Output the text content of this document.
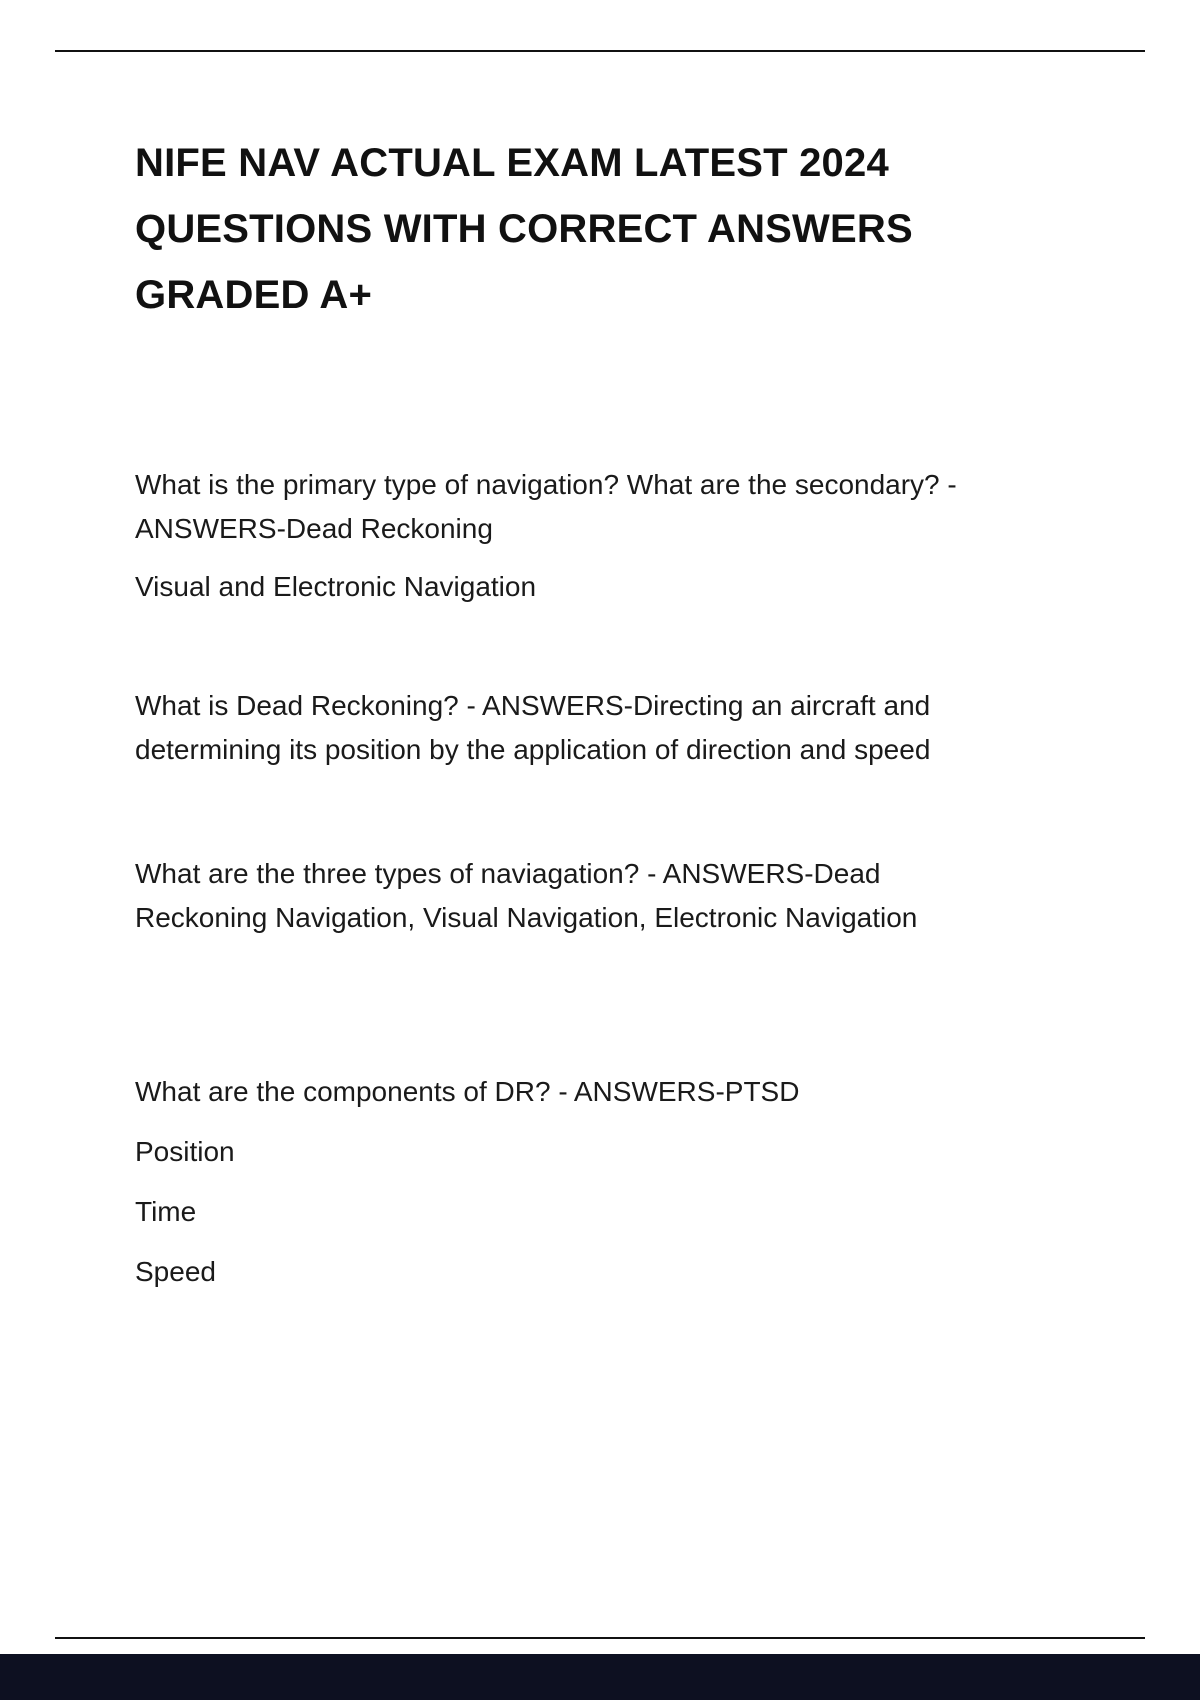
NIFE NAV ACTUAL EXAM LATEST 2024 QUESTIONS WITH CORRECT ANSWERS GRADED A+

What is the primary type of navigation? What are the secondary? - ANSWERS-Dead Reckoning

Visual and Electronic Navigation

What is Dead Reckoning? - ANSWERS-Directing an aircraft and determining its position by the application of direction and speed

What are the three types of naviagation? - ANSWERS-Dead Reckoning Navigation, Visual Navigation, Electronic Navigation

What are the components of DR? - ANSWERS-PTSD

Position

Time

Speed
